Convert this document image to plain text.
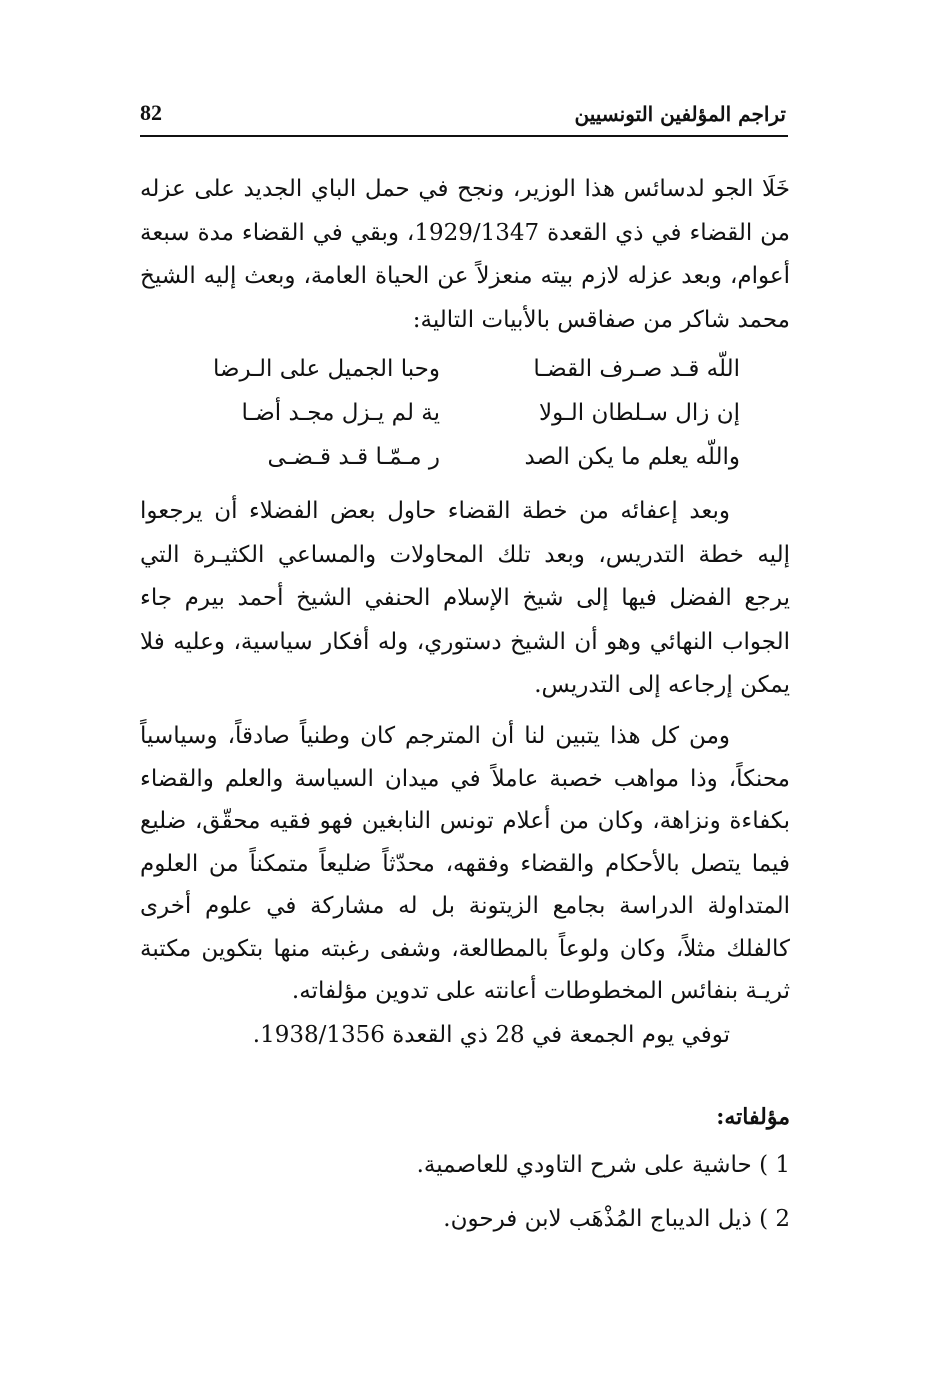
82	تراجم المؤلفين التونسيين
خَلَا الجو لدسائس هذا الوزير، ونجح في حمل الباي الجديد على عزله من القضاء في ذي القعدة 1929/1347، وبقي في القضاء مدة سبعة أعوام، وبعد عزله لازم بيته منعزلاً عن الحياة العامة، وبعث إليه الشيخ محمد شاكر من صفاقس بالأبيات التالية:
اللّه قـد صـرف القضـا
وحبا الجميل على الـرضا
إن زال سـلطان الـولا
ية لم يـزل مجـد أضـا
واللّه يعلم ما يكن الصد
ر مـمّـا قـد قـضـى
وبعد إعفائه من خطة القضاء حاول بعض الفضلاء أن يرجعوا إليه خطة التدريس، وبعد تلك المحاولات والمساعي الكثيـرة التي يرجع الفضل فيها إلى شيخ الإسلام الحنفي الشيخ أحمد بيرم جاء الجواب النهائي وهو أن الشيخ دستوري، وله أفكار سياسية، وعليه فلا يمكن إرجاعه إلى التدريس.
ومن كل هذا يتبين لنا أن المترجم كان وطنياً صادقاً، وسياسياً محنكاً، وذا مواهب خصبة عاملاً في ميدان السياسة والعلم والقضاء بكفاءة ونزاهة، وكان من أعلام تونس النابغين فهو فقيه محقّق، ضليع فيما يتصل بالأحكام والقضاء وفقهه، محدّثاً ضليعاً متمكناً من العلوم المتداولة الدراسة بجامع الزيتونة بل له مشاركة في علوم أخرى كالفلك مثلاً، وكان ولوعاً بالمطالعة، وشفى رغبته منها بتكوين مكتبة ثريـة بنفائس المخطوطات أعانته على تدوين مؤلفاته.
توفي يوم الجمعة في 28 ذي القعدة 1938/1356.
مؤلفاته:
1 ) حاشية على شرح التاودي للعاصمية.
2 ) ذيل الديباج المُذْهَب لابن فرحون.
